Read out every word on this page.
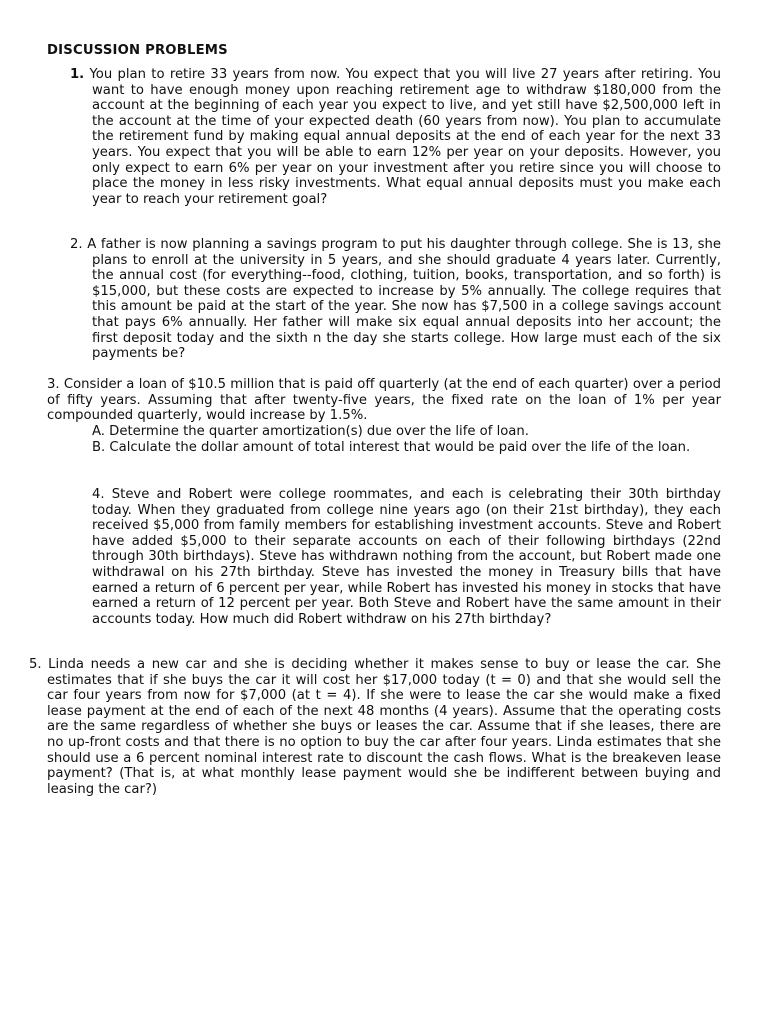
DISCUSSION PROBLEMS
1. You plan to retire 33 years from now. You expect that you will live 27 years after retiring. You want to have enough money upon reaching retirement age to withdraw $180,000 from the account at the beginning of each year you expect to live, and yet still have $2,500,000 left in the account at the time of your expected death (60 years from now). You plan to accumulate the retirement fund by making equal annual deposits at the end of each year for the next 33 years. You expect that you will be able to earn 12% per year on your deposits. However, you only expect to earn 6% per year on your investment after you retire since you will choose to place the money in less risky investments. What equal annual deposits must you make each year to reach your retirement goal?
2. A father is now planning a savings program to put his daughter through college. She is 13, she plans to enroll at the university in 5 years, and she should graduate 4 years later. Currently, the annual cost (for everything--food, clothing, tuition, books, transportation, and so forth) is $15,000, but these costs are expected to increase by 5% annually. The college requires that this amount be paid at the start of the year. She now has $7,500 in a college savings account that pays 6% annually. Her father will make six equal annual deposits into her account; the first deposit today and the sixth n the day she starts college. How large must each of the six payments be?
3. Consider a loan of $10.5 million that is paid off quarterly (at the end of each quarter) over a period of fifty years. Assuming that after twenty-five years, the fixed rate on the loan of 1% per year compounded quarterly, would increase by 1.5%.
A. Determine the quarter amortization(s) due over the life of loan.
B. Calculate the dollar amount of total interest that would be paid over the life of the loan.
4. Steve and Robert were college roommates, and each is celebrating their 30th birthday today. When they graduated from college nine years ago (on their 21st birthday), they each received $5,000 from family members for establishing investment accounts. Steve and Robert have added $5,000 to their separate accounts on each of their following birthdays (22nd through 30th birthdays). Steve has withdrawn nothing from the account, but Robert made one withdrawal on his 27th birthday. Steve has invested the money in Treasury bills that have earned a return of 6 percent per year, while Robert has invested his money in stocks that have earned a return of 12 percent per year. Both Steve and Robert have the same amount in their accounts today. How much did Robert withdraw on his 27th birthday?
5. Linda needs a new car and she is deciding whether it makes sense to buy or lease the car. She estimates that if she buys the car it will cost her $17,000 today (t = 0) and that she would sell the car four years from now for $7,000 (at t = 4). If she were to lease the car she would make a fixed lease payment at the end of each of the next 48 months (4 years). Assume that the operating costs are the same regardless of whether she buys or leases the car. Assume that if she leases, there are no up-front costs and that there is no option to buy the car after four years. Linda estimates that she should use a 6 percent nominal interest rate to discount the cash flows. What is the breakeven lease payment? (That is, at what monthly lease payment would she be indifferent between buying and leasing the car?)
